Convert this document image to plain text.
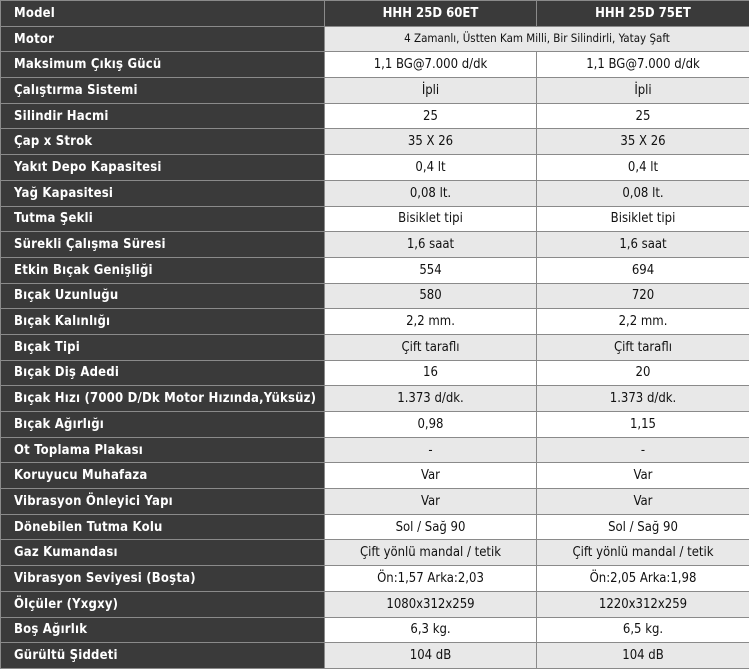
Model	HHH 25D 60ET	HHH 25D 75ET
Motor	4 Zamanlı, Üstten Kam Milli, Bir Silindirli, Yatay Şaft	
Maksimum Çıkış Gücü	1,1 BG@7.000 d/dk	1,1 BG@7.000 d/dk
Çalıştırma Sistemi	İpli	İpli
Silindir Hacmi	25	25
Çap x Strok	35 X 26	35 X 26
Yakıt Depo Kapasitesi	0,4 lt	0,4 lt
Yağ Kapasitesi	0,08 lt.	0,08 lt.
Tutma Şekli	Bisiklet tipi	Bisiklet tipi
Sürekli Çalışma Süresi	1,6 saat	1,6 saat
Etkin Bıçak Genişliği	554	694
Bıçak Uzunluğu	580	720
Bıçak Kalınlığı	2,2 mm.	2,2 mm.
Bıçak Tipi	Çift taraflı	Çift taraflı
Bıçak Diş Adedi	16	20
Bıçak Hızı (7000 D/Dk Motor Hızında,Yüksüz)	1.373 d/dk.	1.373 d/dk.
Bıçak Ağırlığı	0,98	1,15
Ot Toplama Plakası	-	-
Koruyucu Muhafaza	Var	Var
Vibrasyon Önleyici Yapı	Var	Var
Dönebilen Tutma Kolu	Sol / Sağ 90	Sol / Sağ 90
Gaz Kumandası	Çift yönlü mandal / tetik	Çift yönlü mandal / tetik
Vibrasyon Seviyesi (Boşta)	Ön:1,57 Arka:2,03	Ön:2,05 Arka:1,98
Ölçüler (Yxgxy)	1080x312x259	1220x312x259
Boş Ağırlık	6,3 kg.	6,5 kg.
Gürültü Şiddeti	104 dB	104 dB
